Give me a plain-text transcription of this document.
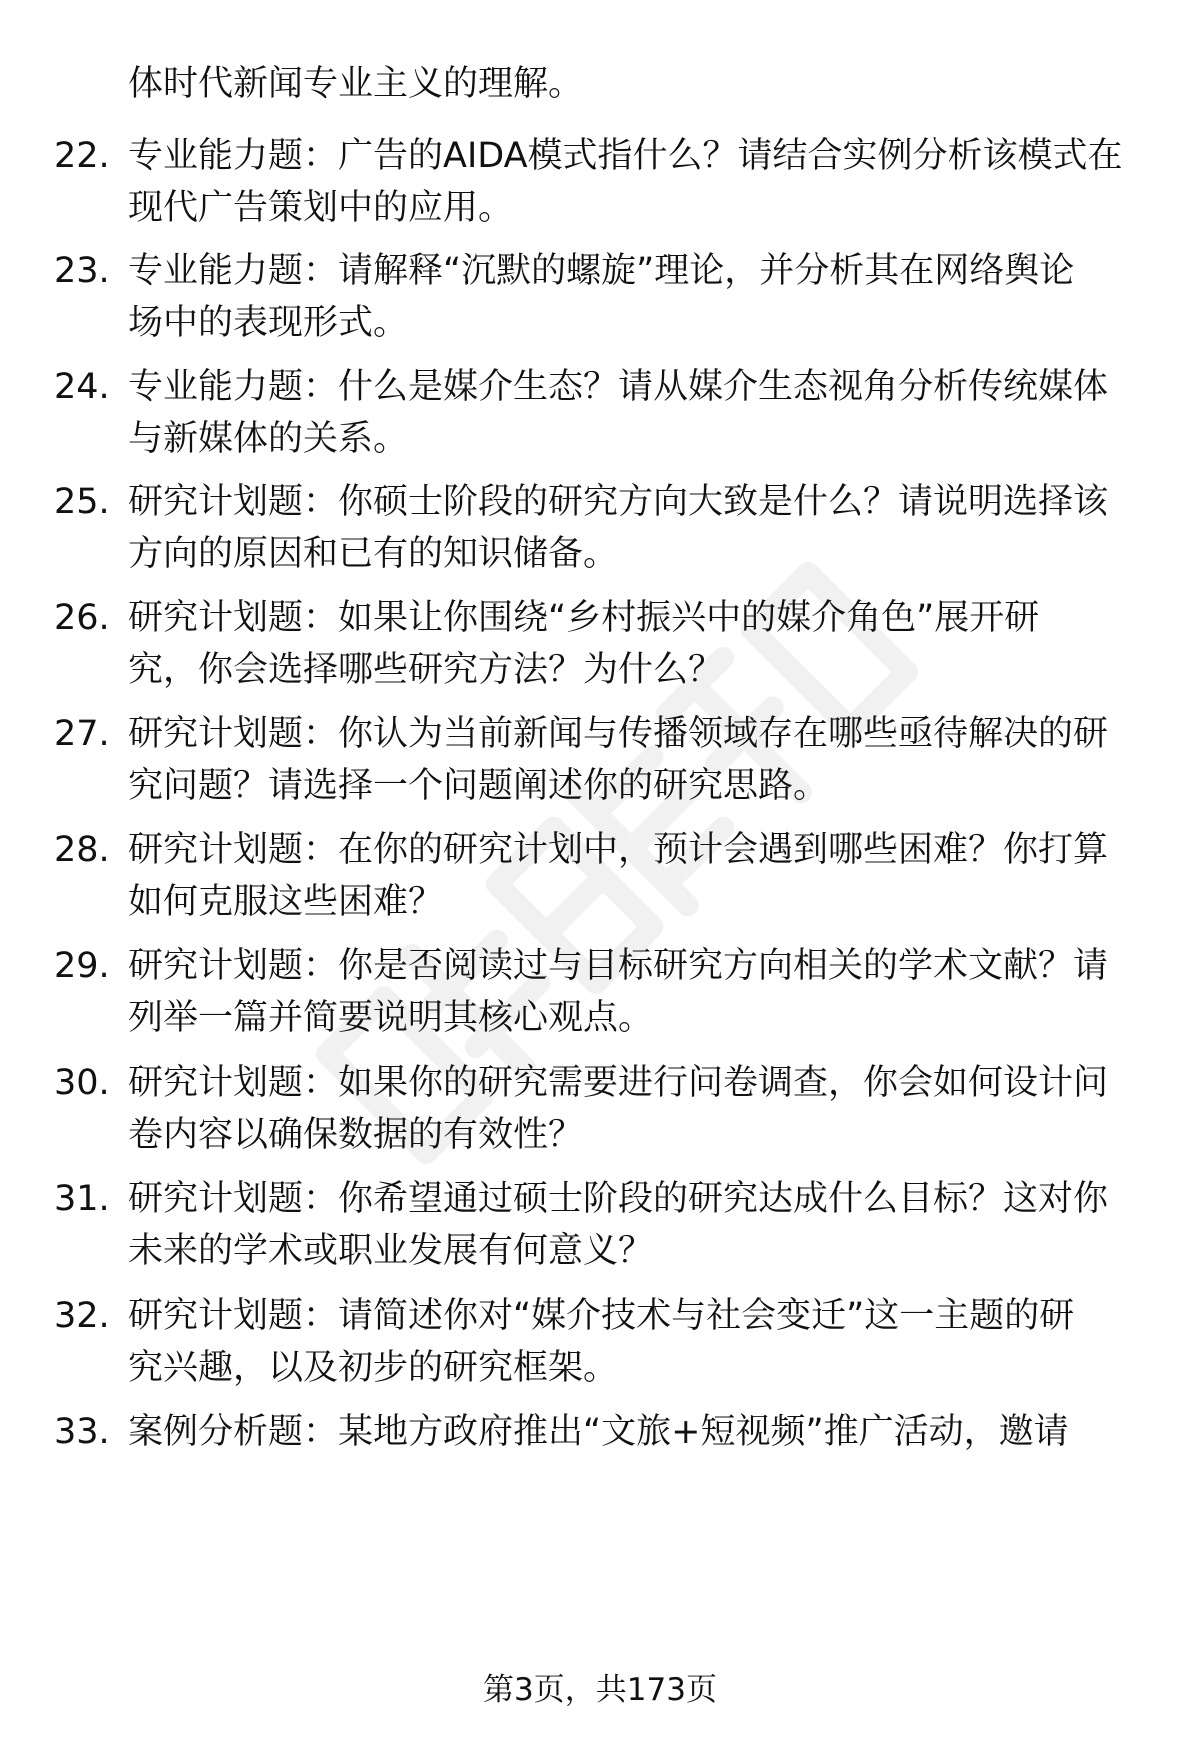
体时代新闻专业主义的理解。
22. 专业能力题：广告的AIDA模式指什么？请结合实例分析该模式在
现代广告策划中的应用。
23. 专业能力题：请解释“沉默的螺旋”理论，并分析其在网络舆论
场中的表现形式。
24. 专业能力题：什么是媒介生态？请从媒介生态视角分析传统媒体
与新媒体的关系。
25. 研究计划题：你硕士阶段的研究方向大致是什么？请说明选择该
方向的原因和已有的知识储备。
26. 研究计划题：如果让你围绕“乡村振兴中的媒介角色”展开研
究，你会选择哪些研究方法？为什么？
27. 研究计划题：你认为当前新闻与传播领域存在哪些亟待解决的研
究问题？请选择一个问题阐述你的研究思路。
28. 研究计划题：在你的研究计划中，预计会遇到哪些困难？你打算
如何克服这些困难？
29. 研究计划题：你是否阅读过与目标研究方向相关的学术文献？请
列举一篇并简要说明其核心观点。
30. 研究计划题：如果你的研究需要进行问卷调查，你会如何设计问
卷内容以确保数据的有效性？
31. 研究计划题：你希望通过硕士阶段的研究达成什么目标？这对你
未来的学术或职业发展有何意义？
32. 研究计划题：请简述你对“媒介技术与社会变迁”这一主题的研
究兴趣，以及初步的研究框架。
33. 案例分析题：某地方政府推出“文旅+短视频”推广活动，邀请
第3页，共173页
